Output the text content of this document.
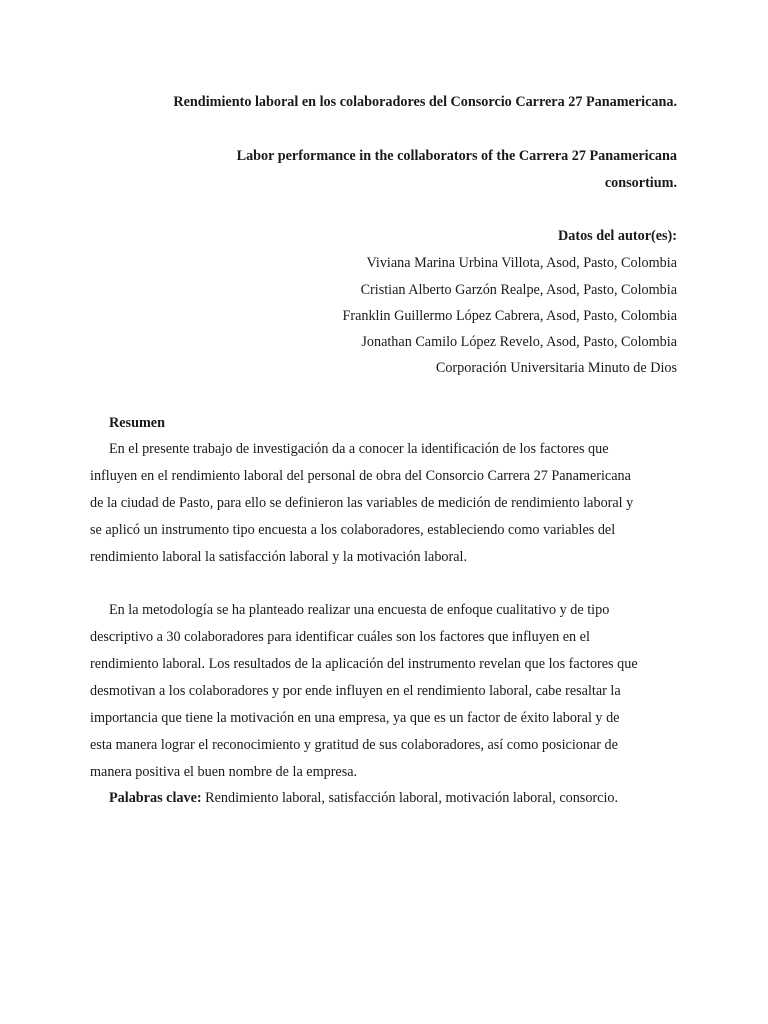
Rendimiento laboral en los colaboradores del Consorcio Carrera 27 Panamericana.
Labor performance in the collaborators of the Carrera 27 Panamericana
consortium.
Datos del autor(es):
Viviana Marina Urbina Villota, Asod, Pasto, Colombia
Cristian Alberto Garzón Realpe, Asod, Pasto, Colombia
Franklin Guillermo López Cabrera, Asod, Pasto, Colombia
Jonathan Camilo López Revelo, Asod, Pasto, Colombia
Corporación Universitaria Minuto de Dios
Resumen
En el presente trabajo de investigación da a conocer la identificación de los factores que
influyen en el rendimiento laboral del personal de obra del Consorcio Carrera 27 Panamericana
de la ciudad de Pasto, para ello se definieron las variables de medición de rendimiento laboral y
se aplicó un instrumento tipo encuesta a los colaboradores, estableciendo como variables del
rendimiento laboral la satisfacción laboral y la motivación laboral.
En la metodología se ha planteado realizar una encuesta de enfoque cualitativo y de tipo
descriptivo a 30 colaboradores para identificar cuáles son los factores que influyen en el
rendimiento laboral. Los resultados de la aplicación del instrumento revelan que los factores que
desmotivan a los colaboradores y por ende influyen en el rendimiento laboral, cabe resaltar la
importancia que tiene la motivación en una empresa, ya que es un factor de éxito laboral y de
esta manera lograr el reconocimiento y gratitud de sus colaboradores, así como posicionar de
manera positiva el buen nombre de la empresa.
Palabras clave: Rendimiento laboral, satisfacción laboral, motivación laboral, consorcio.
